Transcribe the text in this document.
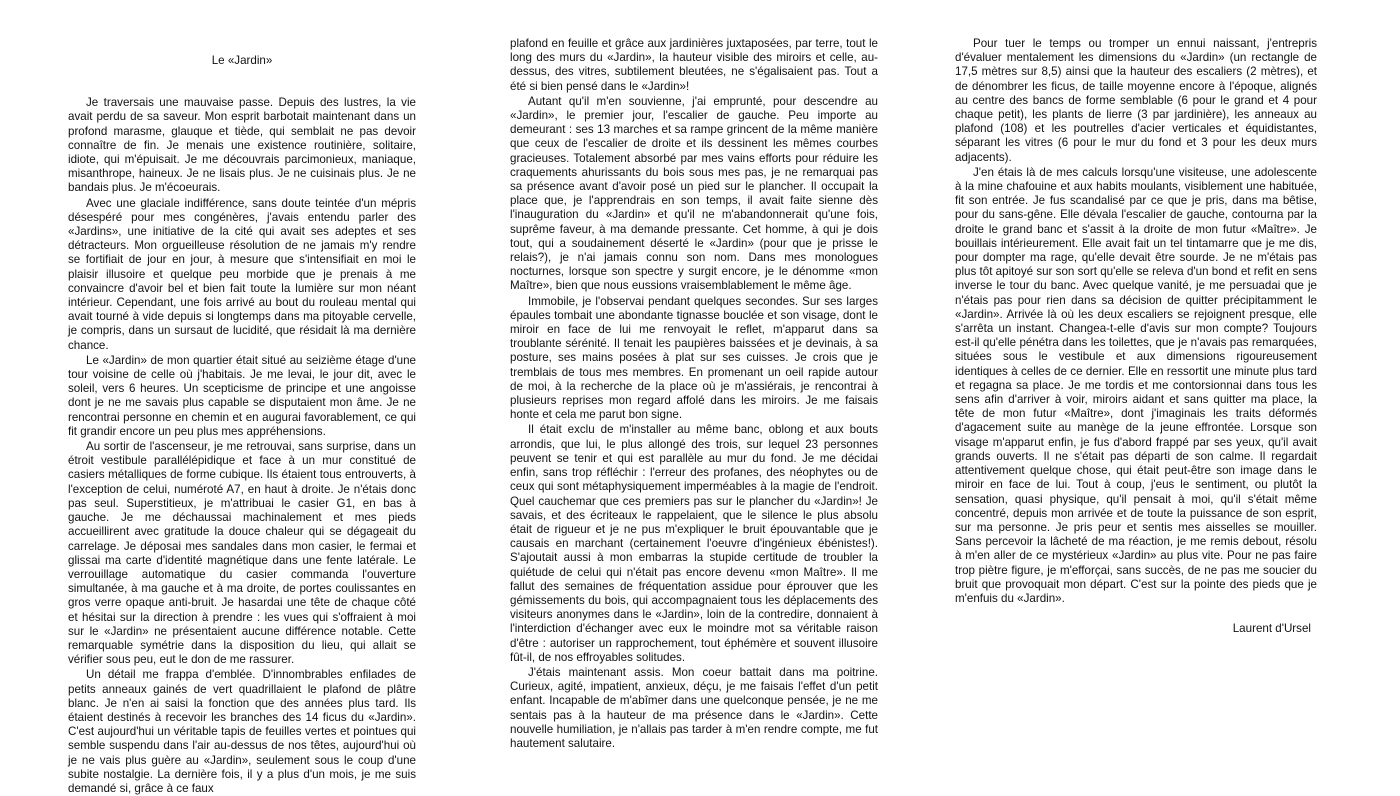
Le «Jardin»

Je traversais une mauvaise passe. Depuis des lustres, la vie avait perdu de sa saveur. Mon esprit barbotait maintenant dans un profond marasme, glauque et tiède, qui semblait ne pas devoir connaître de fin. Je menais une existence routinière, solitaire, idiote, qui m'épuisait. Je me découvrais parcimonieux, maniaque, misanthrope, haineux. Je ne lisais plus. Je ne cuisinais plus. Je ne bandais plus. Je m'écoeurais.

Avec une glaciale indifférence, sans doute teintée d'un mépris désespéré pour mes congénères, j'avais entendu parler des «Jardins», une initiative de la cité qui avait ses adeptes et ses détracteurs. Mon orgueilleuse résolution de ne jamais m'y rendre se fortifiait de jour en jour, à mesure que s'intensifiait en moi le plaisir illusoire et quelque peu morbide que je prenais à me convaincre d'avoir bel et bien fait toute la lumière sur mon néant intérieur. Cependant, une fois arrivé au bout du rouleau mental qui avait tourné à vide depuis si longtemps dans ma pitoyable cervelle, je compris, dans un sursaut de lucidité, que résidait là ma dernière chance.

Le «Jardin» de mon quartier était situé au seizième étage d'une tour voisine de celle où j'habitais. Je me levai, le jour dit, avec le soleil, vers 6 heures. Un scepticisme de principe et une angoisse dont je ne me savais plus capable se disputaient mon âme. Je ne rencontrai personne en chemin et en augurai favorablement, ce qui fit grandir encore un peu plus mes appréhensions.

Au sortir de l'ascenseur, je me retrouvai, sans surprise, dans un étroit vestibule parallélépidique et face à un mur constitué de casiers métalliques de forme cubique. Ils étaient tous entrouverts, à l'exception de celui, numéroté A7, en haut à droite. Je n'étais donc pas seul. Superstitieux, je m'attribuai le casier G1, en bas à gauche. Je me déchaussai machinalement et mes pieds accueillirent avec gratitude la douce chaleur qui se dégageait du carrelage. Je déposai mes sandales dans mon casier, le fermai et glissai ma carte d'identité magnétique dans une fente latérale. Le verrouillage automatique du casier commanda l'ouverture simultanée, à ma gauche et à ma droite, de portes coulissantes en gros verre opaque anti-bruit. Je hasardai une tête de chaque côté et hésitai sur la direction à prendre : les vues qui s'offraient à moi sur le «Jardin» ne présentaient aucune différence notable. Cette remarquable symétrie dans la disposition du lieu, qui allait se vérifier sous peu, eut le don de me rassurer.

Un détail me frappa d'emblée. D'innombrables enfilades de petits anneaux gainés de vert quadrillaient le plafond de plâtre blanc. Je n'en ai saisi la fonction que des années plus tard. Ils étaient destinés à recevoir les branches des 14 ficus du «Jardin». C'est aujourd'hui un véritable tapis de feuilles vertes et pointues qui semble suspendu dans l'air au-dessus de nos têtes, aujourd'hui où je ne vais plus guère au «Jardin», seulement sous le coup d'une subite nostalgie. La dernière fois, il y a plus d'un mois, je me suis demandé si, grâce à ce faux

plafond en feuille et grâce aux jardinières juxtaposées, par terre, tout le long des murs du «Jardin», la hauteur visible des miroirs et celle, au-dessus, des vitres, subtilement bleutées, ne s'égalisaient pas. Tout a été si bien pensé dans le «Jardin»!

Autant qu'il m'en souvienne, j'ai emprunté, pour descendre au «Jardin», le premier jour, l'escalier de gauche. Peu importe au demeurant : ses 13 marches et sa rampe grincent de la même manière que ceux de l'escalier de droite et ils dessinent les mêmes courbes gracieuses. Totalement absorbé par mes vains efforts pour réduire les craquements ahurissants du bois sous mes pas, je ne remarquai pas sa présence avant d'avoir posé un pied sur le plancher. Il occupait la place que, je l'apprendrais en son temps, il avait faite sienne dès l'inauguration du «Jardin» et qu'il ne m'abandonnerait qu'une fois, suprême faveur, à ma demande pressante. Cet homme, à qui je dois tout, qui a soudainement déserté le «Jardin» (pour que je prisse le relais?), je n'ai jamais connu son nom. Dans mes monologues nocturnes, lorsque son spectre y surgit encore, je le dénomme «mon Maître», bien que nous eussions vraisemblablement le même âge.

Immobile, je l'observai pendant quelques secondes. Sur ses larges épaules tombait une abondante tignasse bouclée et son visage, dont le miroir en face de lui me renvoyait le reflet, m'apparut dans sa troublante sérénité. Il tenait les paupières baissées et je devinais, à sa posture, ses mains posées à plat sur ses cuisses. Je crois que je tremblais de tous mes membres. En promenant un oeil rapide autour de moi, à la recherche de la place où je m'assiérais, je rencontrai à plusieurs reprises mon regard affolé dans les miroirs. Je me faisais honte et cela me parut bon signe.

Il était exclu de m'installer au même banc, oblong et aux bouts arrondis, que lui, le plus allongé des trois, sur lequel 23 personnes peuvent se tenir et qui est parallèle au mur du fond. Je me décidai enfin, sans trop réfléchir : l'erreur des profanes, des néophytes ou de ceux qui sont métaphysiquement imperméables à la magie de l'endroit. Quel cauchemar que ces premiers pas sur le plancher du «Jardin»! Je savais, et des écriteaux le rappelaient, que le silence le plus absolu était de rigueur et je ne pus m'expliquer le bruit épouvantable que je causais en marchant (certainement l'oeuvre d'ingénieux ébénistes!). S'ajoutait aussi à mon embarras la stupide certitude de troubler la quiétude de celui qui n'était pas encore devenu «mon Maître». Il me fallut des semaines de fréquentation assidue pour éprouver que les gémissements du bois, qui accompagnaient tous les déplacements des visiteurs anonymes dans le «Jardin», loin de la contredire, donnaient à l'interdiction d'échanger avec eux le moindre mot sa véritable raison d'être : autoriser un rapprochement, tout éphémère et souvent illusoire fût-il, de nos effroyables solitudes.

J'étais maintenant assis. Mon coeur battait dans ma poitrine. Curieux, agité, impatient, anxieux, déçu, je me faisais l'effet d'un petit enfant. Incapable de m'abîmer dans une quelconque pensée, je ne me sentais pas à la hauteur de ma présence dans le «Jardin». Cette nouvelle humiliation, je n'allais pas tarder à m'en rendre compte, me fut hautement salutaire.

Pour tuer le temps ou tromper un ennui naissant, j'entrepris d'évaluer mentalement les dimensions du «Jardin» (un rectangle de 17,5 mètres sur 8,5) ainsi que la hauteur des escaliers (2 mètres), et de dénombrer les ficus, de taille moyenne encore à l'époque, alignés au centre des bancs de forme semblable (6 pour le grand et 4 pour chaque petit), les plants de lierre (3 par jardinière), les anneaux au plafond (108) et les poutrelles d'acier verticales et équidistantes, séparant les vitres (6 pour le mur du fond et 3 pour les deux murs adjacents).

J'en étais là de mes calculs lorsqu'une visiteuse, une adolescente à la mine chafouine et aux habits moulants, visiblement une habituée, fit son entrée. Je fus scandalisé par ce que je pris, dans ma bêtise, pour du sans-gêne. Elle dévala l'escalier de gauche, contourna par la droite le grand banc et s'assit à la droite de mon futur «Maître». Je bouillais intérieurement. Elle avait fait un tel tintamarre que je me dis, pour dompter ma rage, qu'elle devait être sourde. Je ne m'étais pas plus tôt apitoyé sur son sort qu'elle se releva d'un bond et refit en sens inverse le tour du banc. Avec quelque vanité, je me persuadai que je n'étais pas pour rien dans sa décision de quitter précipitamment le «Jardin». Arrivée là où les deux escaliers se rejoignent presque, elle s'arrêta un instant. Changea-t-elle d'avis sur mon compte? Toujours est-il qu'elle pénétra dans les toilettes, que je n'avais pas remarquées, situées sous le vestibule et aux dimensions rigoureusement identiques à celles de ce dernier. Elle en ressortit une minute plus tard et regagna sa place. Je me tordis et me contorsionnai dans tous les sens afin d'arriver à voir, miroirs aidant et sans quitter ma place, la tête de mon futur «Maître», dont j'imaginais les traits déformés d'agacement suite au manège de la jeune effrontée. Lorsque son visage m'apparut enfin, je fus d'abord frappé par ses yeux, qu'il avait grands ouverts. Il ne s'était pas départi de son calme. Il regardait attentivement quelque chose, qui était peut-être son image dans le miroir en face de lui. Tout à coup, j'eus le sentiment, ou plutôt la sensation, quasi physique, qu'il pensait à moi, qu'il s'était même concentré, depuis mon arrivée et de toute la puissance de son esprit, sur ma personne. Je pris peur et sentis mes aisselles se mouiller. Sans percevoir la lâcheté de ma réaction, je me remis debout, résolu à m'en aller de ce mystérieux «Jardin» au plus vite. Pour ne pas faire trop piètre figure, je m'efforçai, sans succès, de ne pas me soucier du bruit que provoquait mon départ. C'est sur la pointe des pieds que je m'enfuis du «Jardin».

Laurent d'Ursel
